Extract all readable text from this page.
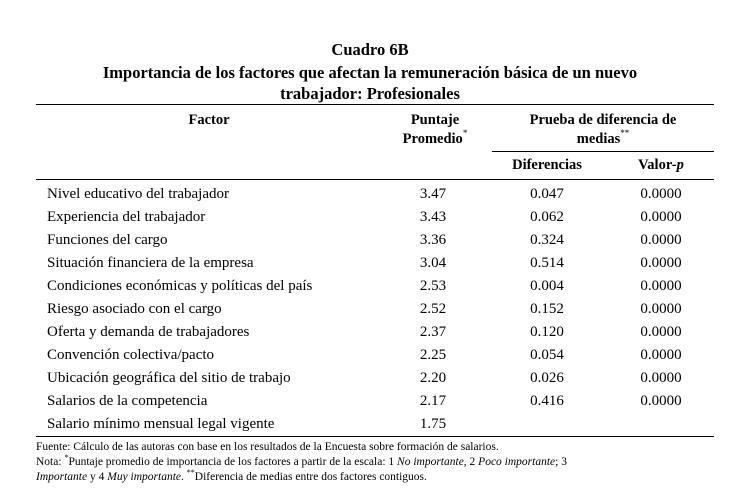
Cuadro 6B
Importancia de los factores que afectan la remuneración básica de un nuevo
trabajador: Profesionales
Factor	Puntaje
Promedio*
Prueba de diferencia de
medias**
Diferencias	Valor-p
Nivel educativo del trabajador	3.47	0.047	0.0000
Experiencia del trabajador	3.43	0.062	0.0000
Funciones del cargo	3.36	0.324	0.0000
Situación financiera de la empresa	3.04	0.514	0.0000
Condiciones económicas y políticas del país	2.53	0.004	0.0000
Riesgo asociado con el cargo	2.52	0.152	0.0000
Oferta y demanda de trabajadores	2.37	0.120	0.0000
Convención colectiva/pacto	2.25	0.054	0.0000
Ubicación geográfica del sitio de trabajo	2.20	0.026	0.0000
Salarios de la competencia	2.17	0.416	0.0000
Salario mínimo mensual legal vigente	1.75
Fuente: Cálculo de las autoras con base en los resultados de la Encuesta sobre formación de salarios.
Nota: *Puntaje promedio de importancia de los factores a partir de la escala: 1 No importante, 2 Poco importante; 3
Importante y 4 Muy importante. **Diferencia de medias entre dos factores contiguos.
